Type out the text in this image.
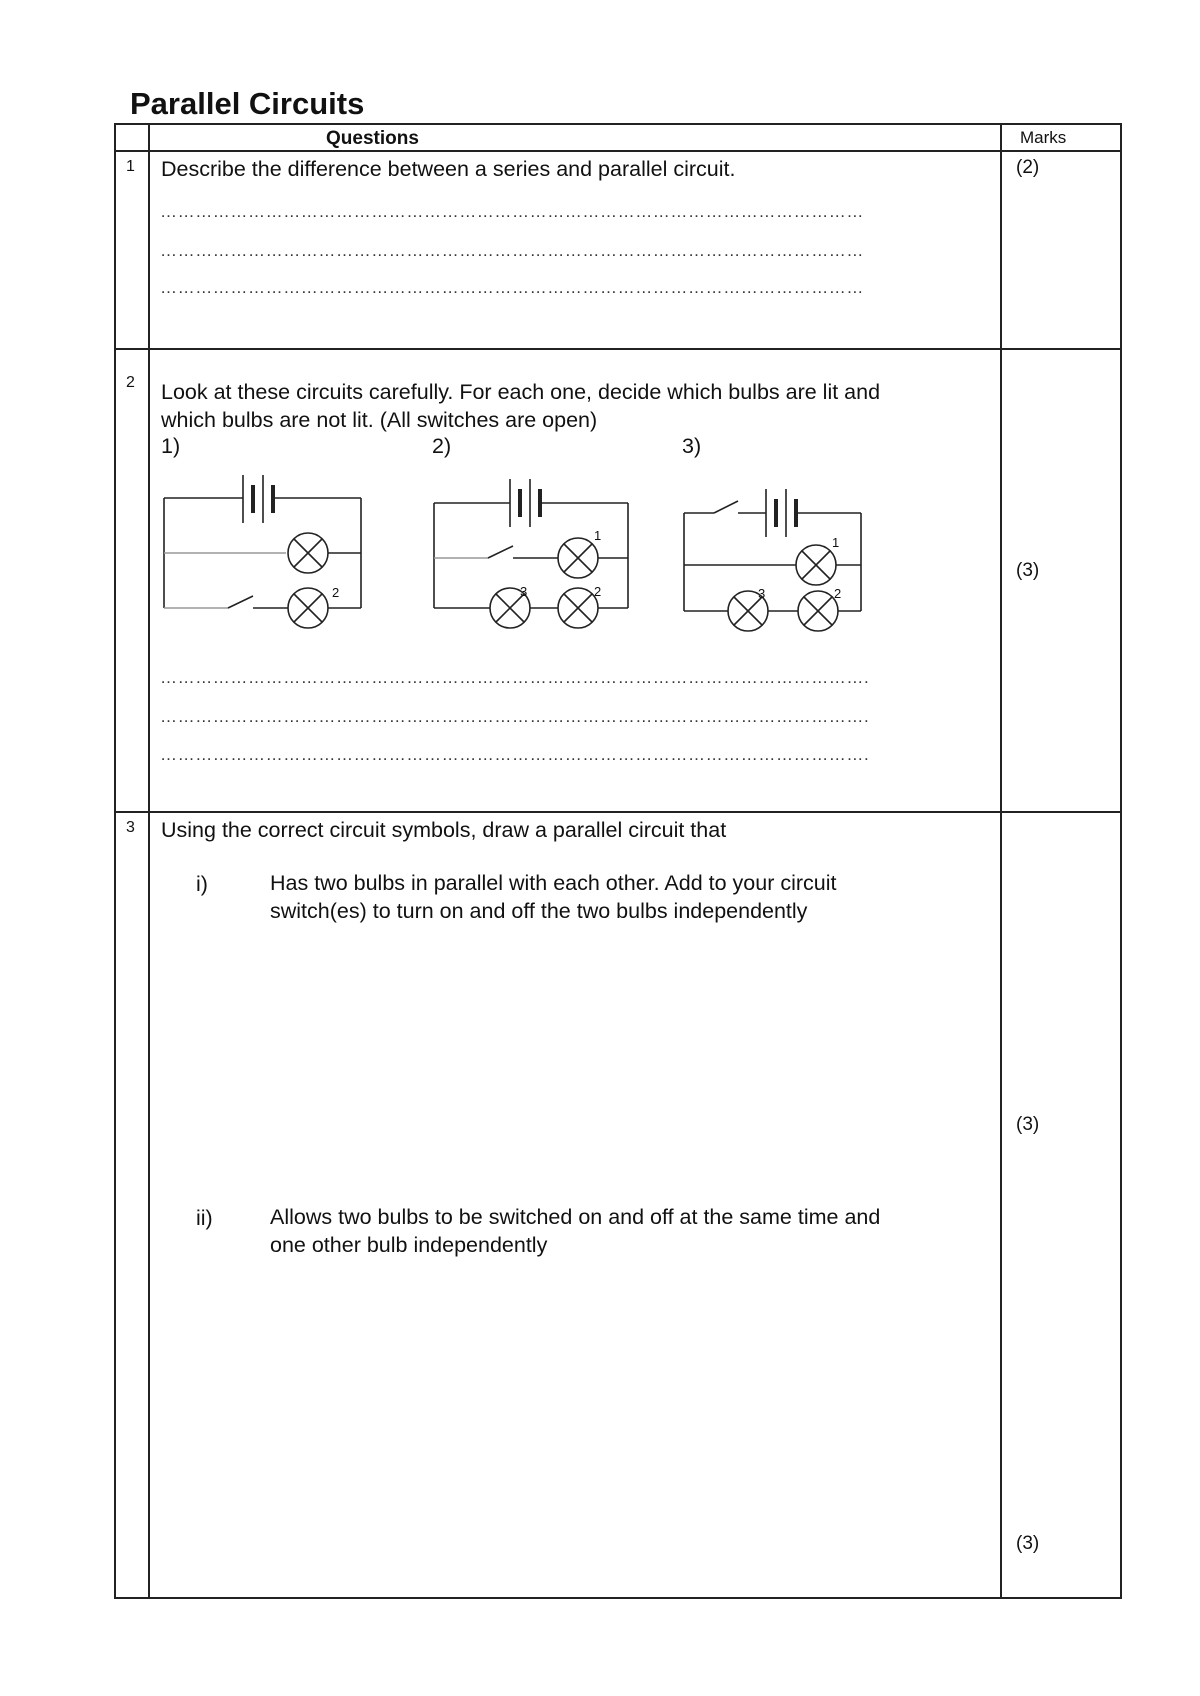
Parallel Circuits
Questions	Marks
1 Describe the difference between a series and parallel circuit.
…………………………………………………………………………………………………………
…………………………………………………………………………………………………………
…………………………………………………………………………………………………………
(2)
2 Look at these circuits carefully. For each one, decide which bulbs are lit and
which bulbs are not lit. (All switches are open)
1)	2)	3)
2
1
3	2
1
3	2
………………………………………………………………………………………………………….
………………………………………………………………………………………………………….
………………………………………………………………………………………………………….
(3)
3 Using the correct circuit symbols, draw a parallel circuit that
i)	Has two bulbs in parallel with each other. Add to your circuit
switch(es) to turn on and off the two bulbs independently
(3)
ii)	Allows two bulbs to be switched on and off at the same time and
one other bulb independently
(3)
